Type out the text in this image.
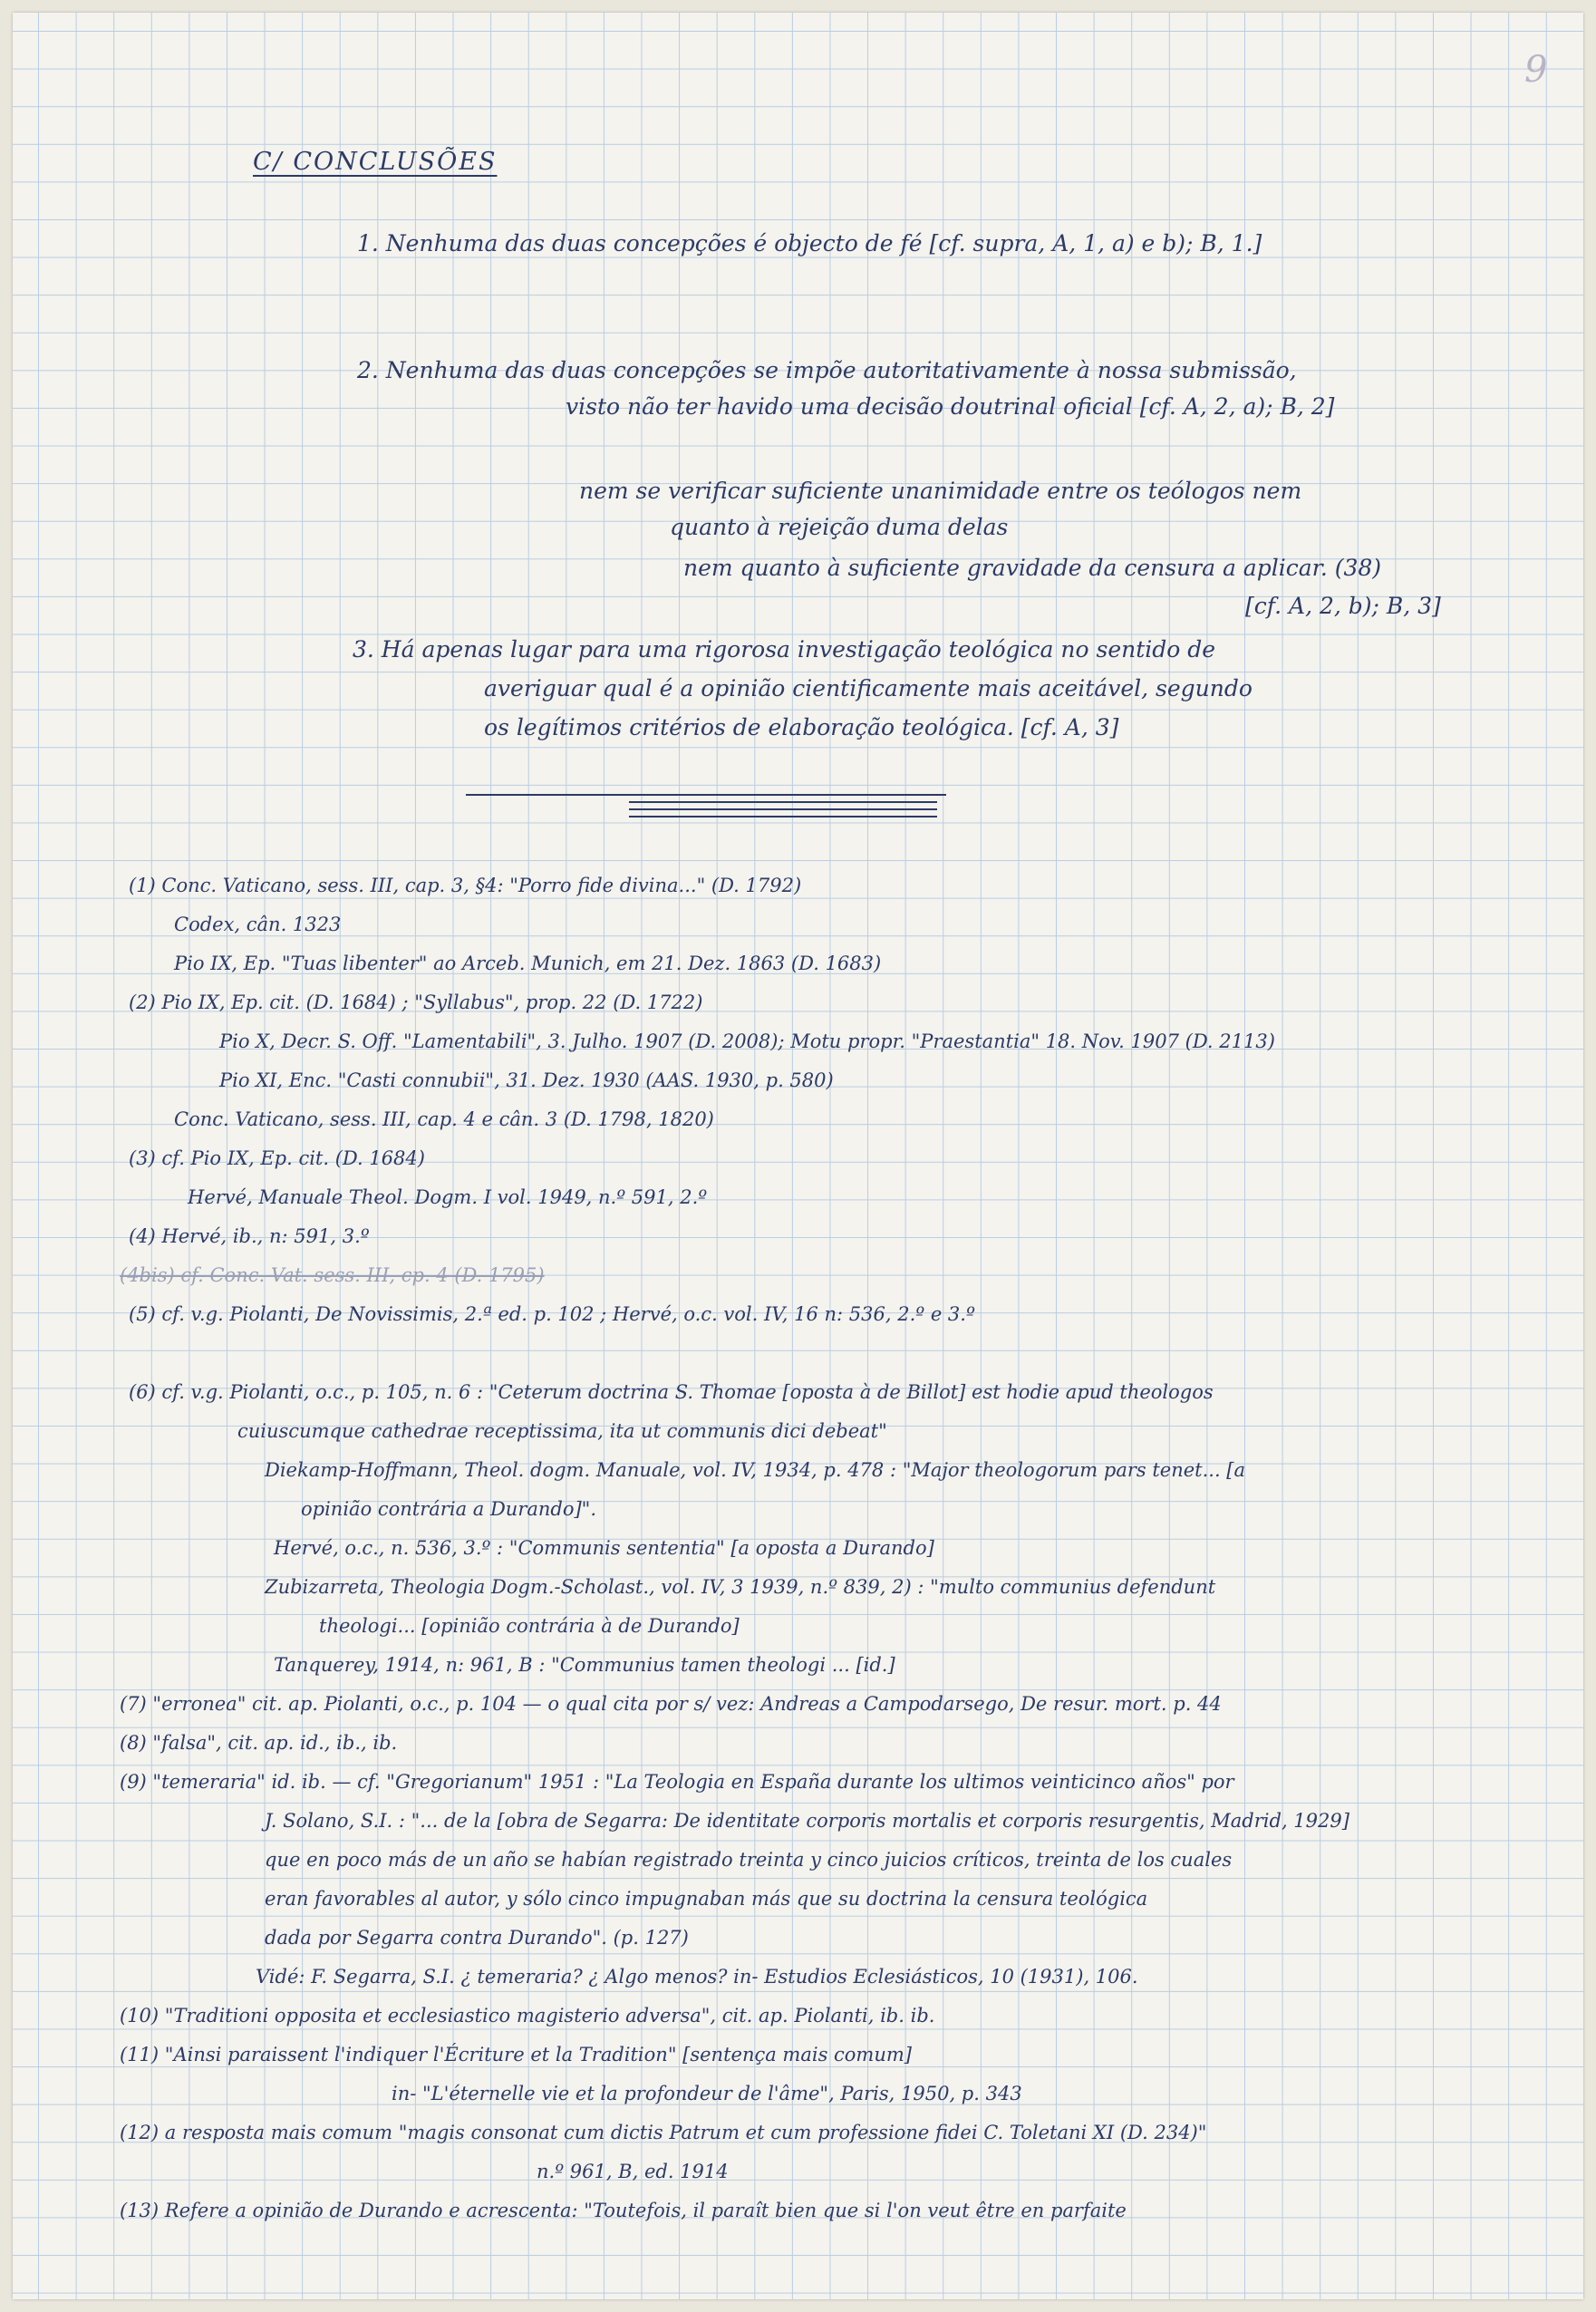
9
C/ CONCLUSÕES
1. Nenhuma das duas concepções é objecto de fé [cf. supra, A, 1, a) e b); B, 1.]
2. Nenhuma das duas concepções se impõe autoritativamente à nossa submissão,
visto não ter havido uma decisão doutrinal oficial [cf. A, 2, a); B, 2]
nem se verificar suficiente unanimidade entre os teólogos nem
quanto à rejeição duma delas
nem quanto à suficiente gravidade da censura a aplicar. (38)
[cf. A, 2, b); B, 3]
3. Há apenas lugar para uma rigorosa investigação teológica no sentido de
averiguar qual é a opinião cientificamente mais aceitável, segundo
os legítimos critérios de elaboração teológica. [cf. A, 3]
(1) Conc. Vaticano, sess. III, cap. 3, §4: "Porro fide divina..." (D. 1792)
Codex, cân. 1323
Pio IX, Ep. "Tuas libenter" ao Arceb. Munich, em 21. Dez. 1863 (D. 1683)
(2) Pio IX, Ep. cit. (D. 1684) ; "Syllabus", prop. 22 (D. 1722)
Pio X, Decr. S. Off. "Lamentabili", 3. Julho. 1907 (D. 2008); Motu propr. "Praestantia" 18. Nov. 1907 (D. 2113)
Pio XI, Enc. "Casti connubii", 31. Dez. 1930 (AAS. 1930, p. 580)
Conc. Vaticano, sess. III, cap. 4 e cân. 3 (D. 1798, 1820)
(3) cf. Pio IX, Ep. cit. (D. 1684)
Hervé, Manuale Theol. Dogm. I vol. 1949, n.º 591, 2.º
(4) Hervé, ib., n: 591, 3.º
(4bis) cf. Conc. Vat. sess. III, cp. 4 (D. 1795)
(5) cf. v.g. Piolanti, De Novissimis, 2.ª ed. p. 102 ; Hervé, o.c. vol. IV, 16 n: 536, 2.º e 3.º
(6) cf. v.g. Piolanti, o.c., p. 105, n. 6 : "Ceterum doctrina S. Thomae [oposta à de Billot] est hodie apud theologos
cuiuscumque cathedrae receptissima, ita ut communis dici debeat"
Diekamp-Hoffmann, Theol. dogm. Manuale, vol. IV, 1934, p. 478 : "Major theologorum pars tenet... [a
opinião contrária a Durando]".
Hervé, o.c., n. 536, 3.º : "Communis sententia" [a oposta a Durando]
Zubizarreta, Theologia Dogm.-Scholast., vol. IV, 3 1939, n.º 839, 2) : "multo communius defendunt
theologi... [opinião contrária à de Durando]
Tanquerey, 1914, n: 961, B : "Communius tamen theologi ... [id.]
(7) "erronea" cit. ap. Piolanti, o.c., p. 104 — o qual cita por s/ vez: Andreas a Campodarsego, De resur. mort. p. 44
(8) "falsa", cit. ap. id., ib., ib.
(9) "temeraria" id. ib. — cf. "Gregorianum" 1951 : "La Teologia en España durante los ultimos veinticinco años" por
J. Solano, S.I. : "... de la [obra de Segarra: De identitate corporis mortalis et corporis resurgentis, Madrid, 1929]
que en poco más de un año se habían registrado treinta y cinco juicios críticos, treinta de los cuales
eran favorables al autor, y sólo cinco impugnaban más que su doctrina la censura teológica
dada por Segarra contra Durando". (p. 127)
Vidé: F. Segarra, S.I. ¿ temeraria? ¿ Algo menos? in- Estudios Eclesiásticos, 10 (1931), 106.
(10) "Traditioni opposita et ecclesiastico magisterio adversa", cit. ap. Piolanti, ib. ib.
(11) "Ainsi paraissent l'indiquer l'Écriture et la Tradition" [sentença mais comum]
in- "L'éternelle vie et la profondeur de l'âme", Paris, 1950, p. 343
(12) a resposta mais comum "magis consonat cum dictis Patrum et cum professione fidei C. Toletani XI (D. 234)"
n.º 961, B, ed. 1914
(13) Refere a opinião de Durando e acrescenta: "Toutefois, il paraît bien que si l'on veut être en parfaite
